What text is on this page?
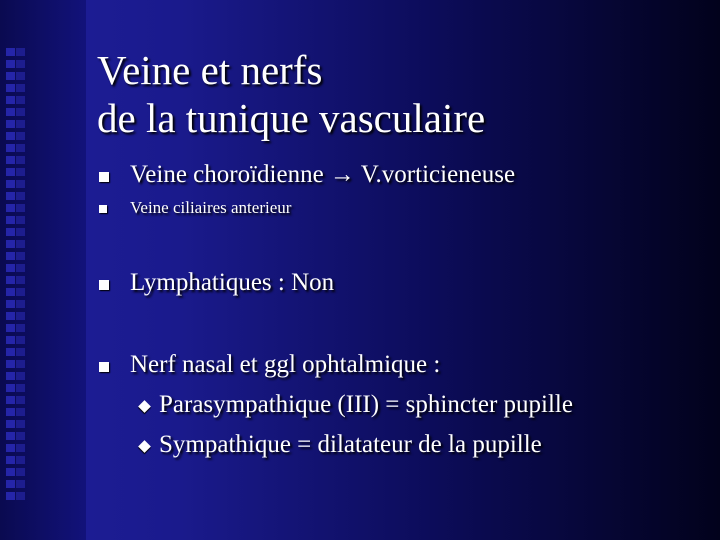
Veine et nerfs
de la tunique vasculaire
Veine choroïdienne → V.vorticieneuse
Veine ciliaires anterieur
Lymphatiques : Non
Nerf nasal et ggl ophtalmique :
Parasympathique (III) = sphincter pupille
Sympathique = dilatateur de la pupille
